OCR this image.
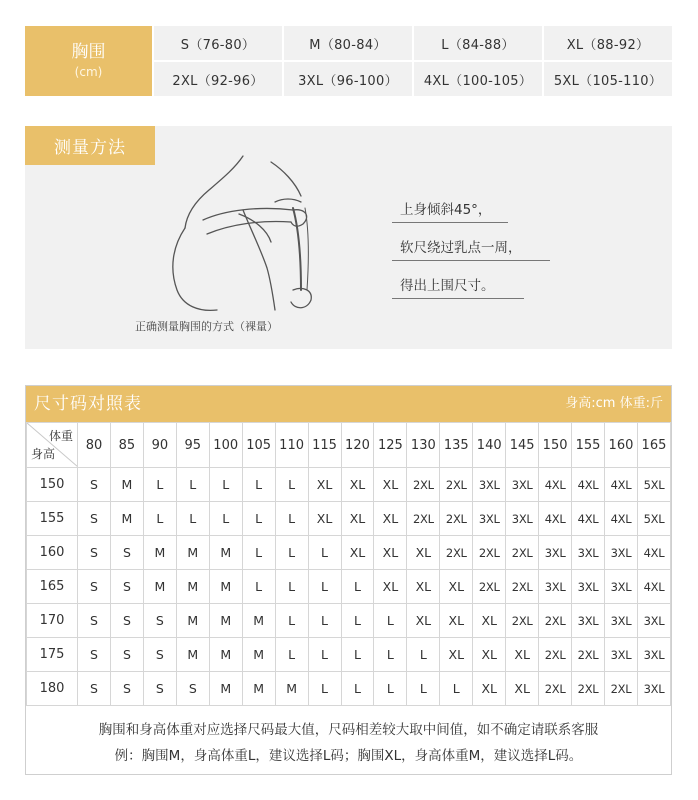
胸围
(cm)
S（76-80）	M（80-84）	L（84-88）	XL（88-92）
2XL（92-96）	3XL（96-100）	4XL（100-105）	5XL（105-110）
测量方法
正确测量胸围的方式（裸量）
上身倾斜45°，
软尺绕过乳点一周，
得出上围尺寸。
尺寸码对照表	身高:cm 体重:斤
体重
身高	80	85	90	95	100	105	110	115	120	125	130	135	140	145	150	155	160	165
150	S	M	L	L	L	L	L	XL	XL	XL	2XL	2XL	3XL	3XL	4XL	4XL	4XL	5XL
155	S	M	L	L	L	L	L	XL	XL	XL	2XL	2XL	3XL	3XL	4XL	4XL	4XL	5XL
160	S	S	M	M	M	L	L	L	XL	XL	XL	2XL	2XL	2XL	3XL	3XL	3XL	4XL
165	S	S	M	M	M	L	L	L	L	XL	XL	XL	2XL	2XL	3XL	3XL	3XL	4XL
170	S	S	S	M	M	M	L	L	L	L	XL	XL	XL	2XL	2XL	3XL	3XL	3XL
175	S	S	S	M	M	M	L	L	L	L	L	XL	XL	XL	2XL	2XL	3XL	3XL
180	S	S	S	S	M	M	M	L	L	L	L	L	XL	XL	2XL	2XL	2XL	3XL
胸围和身高体重对应选择尺码最大值，尺码相差较大取中间值，如不确定请联系客服
例：胸围M，身高体重L，建议选择L码；胸围XL，身高体重M，建议选择L码。
